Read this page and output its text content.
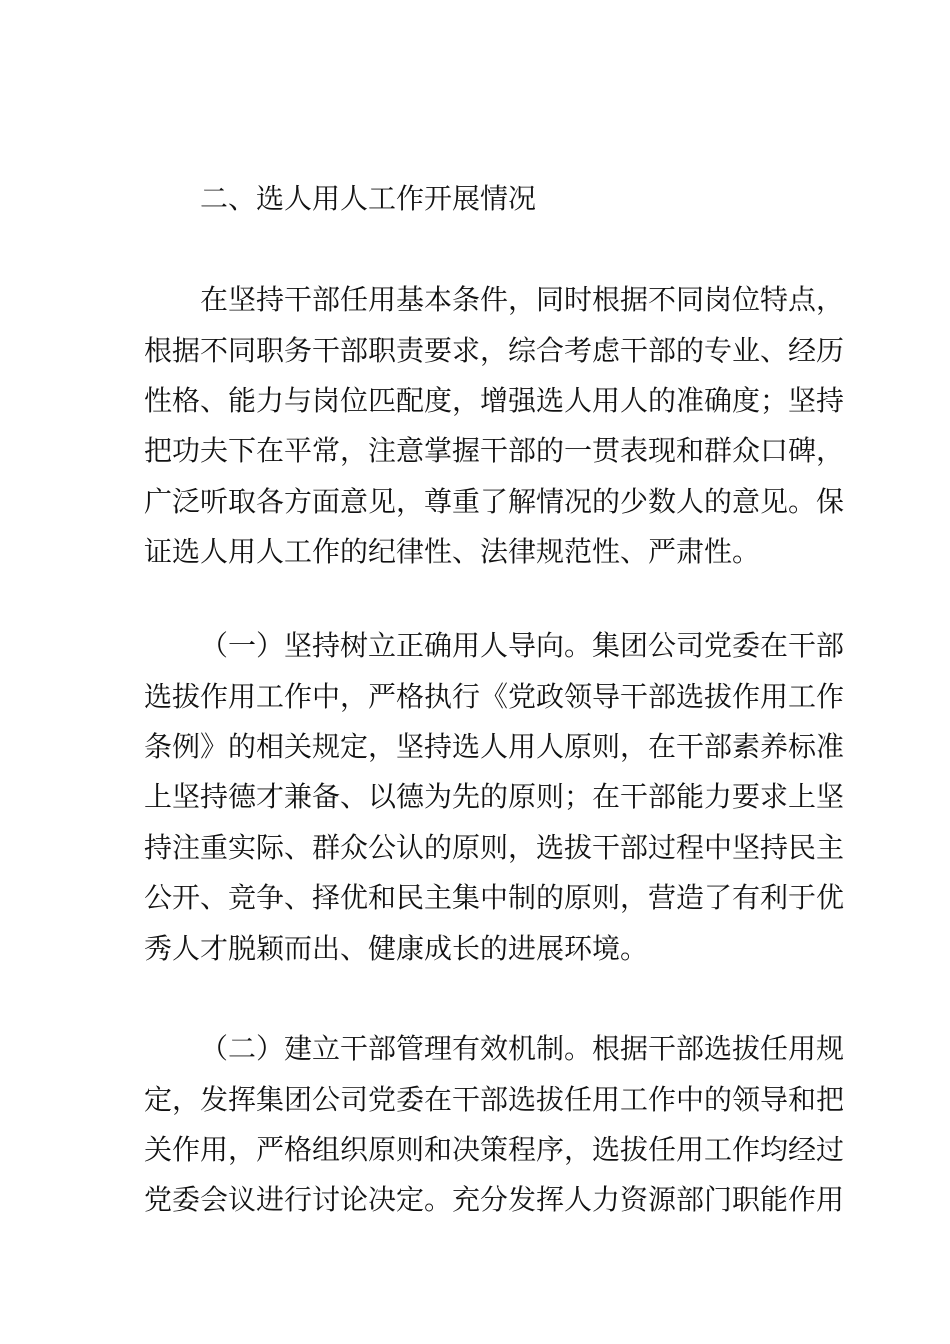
二、选人用人工作开展情况
在坚持干部任用基本条件，同时根据不同岗位特点，
根据不同职务干部职责要求，综合考虑干部的专业、经历
性格、能力与岗位匹配度，增强选人用人的准确度；坚持
把功夫下在平常，注意掌握干部的一贯表现和群众口碑，
广泛听取各方面意见，尊重了解情况的少数人的意见。保
证选人用人工作的纪律性、法律规范性、严肃性。
（一）坚持树立正确用人导向。集团公司党委在干部
选拔作用工作中，严格执行《党政领导干部选拔作用工作
条例》的相关规定，坚持选人用人原则，在干部素养标准
上坚持德才兼备、以德为先的原则；在干部能力要求上坚
持注重实际、群众公认的原则，选拔干部过程中坚持民主
公开、竞争、择优和民主集中制的原则，营造了有利于优
秀人才脱颖而出、健康成长的进展环境。
（二）建立干部管理有效机制。根据干部选拔任用规
定，发挥集团公司党委在干部选拔任用工作中的领导和把
关作用，严格组织原则和决策程序，选拔任用工作均经过
党委会议进行讨论决定。充分发挥人力资源部门职能作用
